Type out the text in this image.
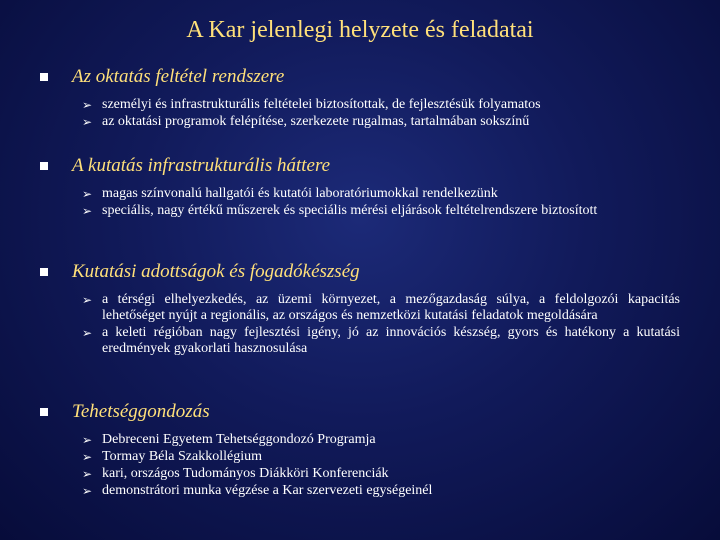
A Kar jelenlegi helyzete és feladatai
Az oktatás feltétel rendszere
➢ személyi és infrastrukturális feltételei biztosítottak, de fejlesztésük folyamatos
➢ az oktatási programok felépítése, szerkezete rugalmas, tartalmában sokszínű
A kutatás infrastrukturális háttere
➢ magas színvonalú hallgatói és kutatói laboratóriumokkal rendelkezünk
➢ speciális, nagy értékű műszerek és speciális mérési eljárások feltételrendszere biztosított
Kutatási adottságok és fogadókészség
➢ a térségi elhelyezkedés, az üzemi környezet, a mezőgazdaság súlya, a feldolgozói kapacitás lehetőséget nyújt a regionális, az országos és nemzetközi kutatási feladatok megoldására
➢ a keleti régióban nagy fejlesztési igény, jó az innovációs készség, gyors és hatékony a kutatási eredmények gyakorlati hasznosulása
Tehetséggondozás
➢ Debreceni Egyetem Tehetséggondozó Programja
➢ Tormay Béla Szakkollégium
➢ kari, országos Tudományos Diákköri Konferenciák
➢ demonstrátori munka végzése a Kar szervezeti egységeinél
